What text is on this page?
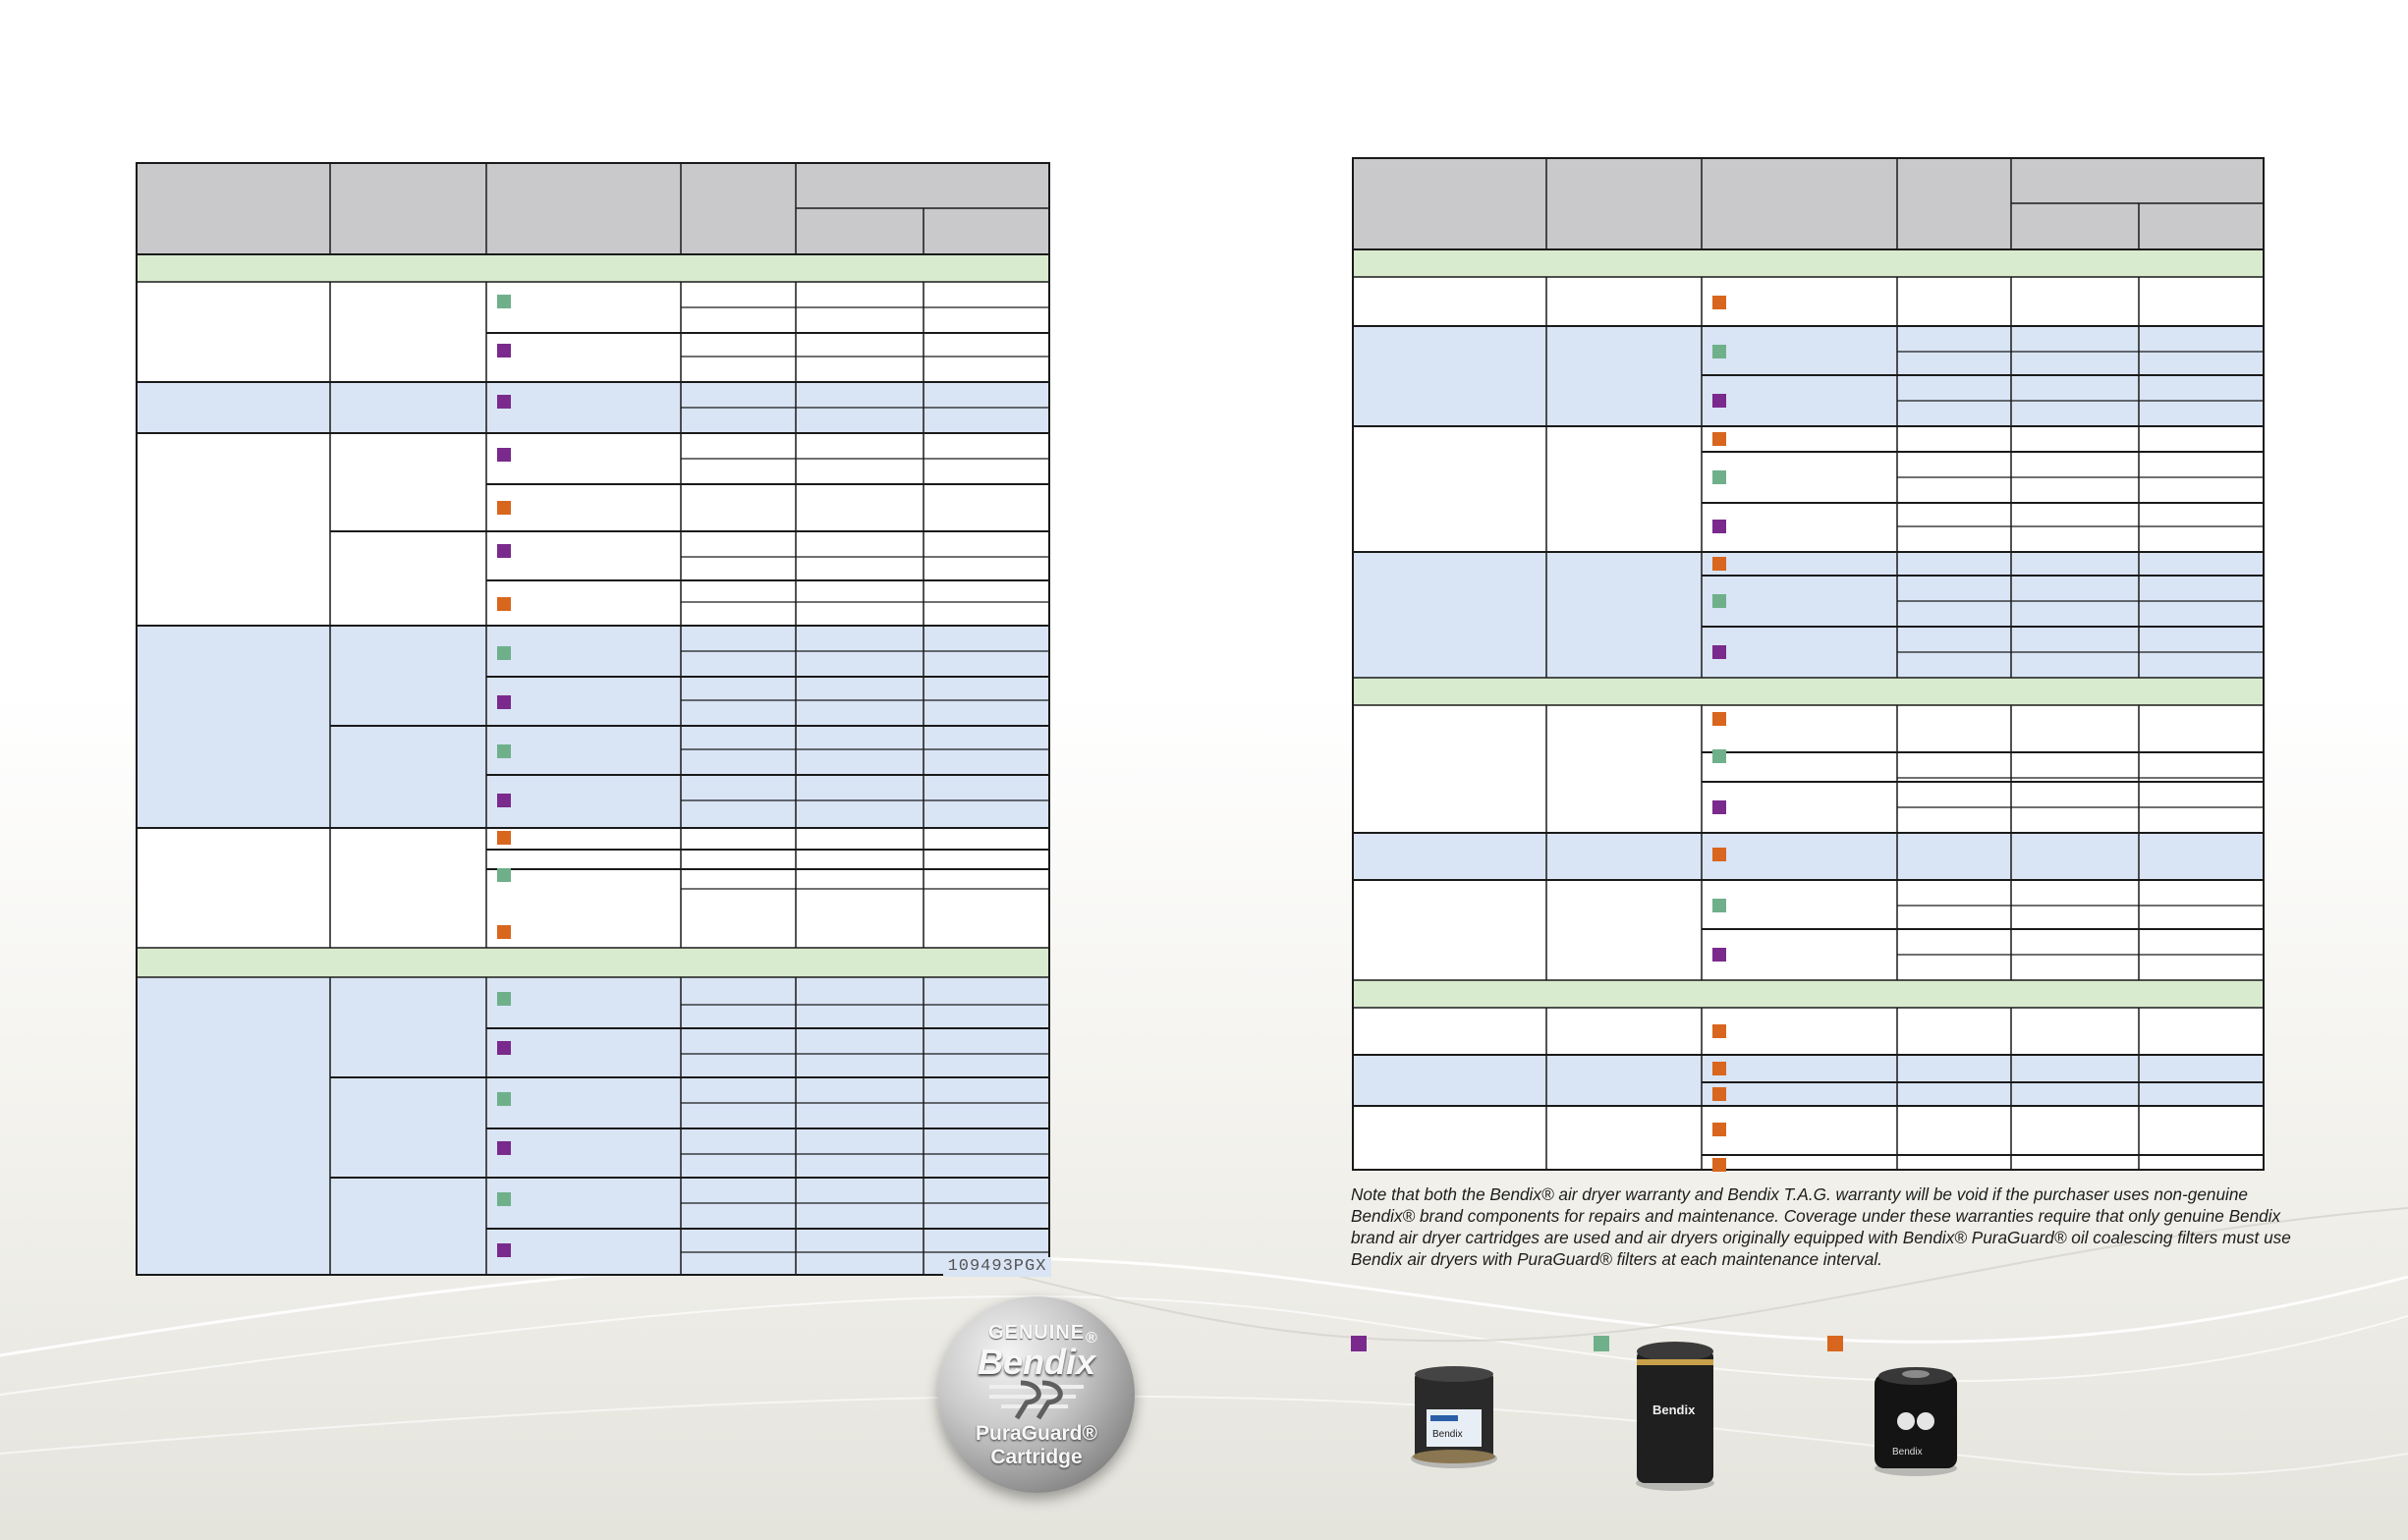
109493PGX
Note that both the Bendix® air dryer warranty and Bendix T.A.G. warranty will be void if the purchaser uses non-genuine Bendix® brand components for repairs and maintenance. Coverage under these warranties require that only genuine Bendix brand air dryer cartridges are used and air dryers originally equipped with Bendix® PuraGuard® oil coalescing filters must use Bendix air dryers with PuraGuard® filters at each maintenance interval.
GENUINE
Bendix
®
PuraGuard®
Cartridge
Bendix
Bendix
Bendix
